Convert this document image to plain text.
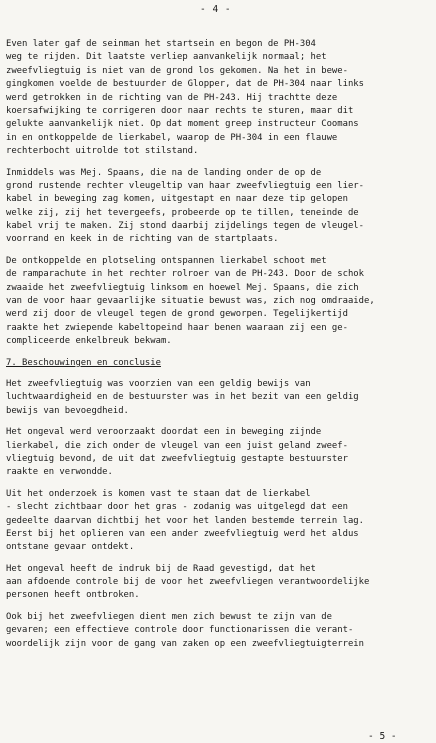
- 4 -
Even later gaf de seinman het startsein en begon de PH-304
weg te rijden. Dit laatste verliep aanvankelijk normaal; het
zweefvliegtuig is niet van de grond los gekomen. Na het in bewe-
gingkomen voelde de bestuurder de Glopper, dat de PH-304 naar links
werd getrokken in de richting van de PH-243. Hij trachtte deze
koersafwijking te corrigeren door naar rechts te sturen, maar dit
gelukte aanvankelijk niet. Op dat moment greep instructeur Coomans
in en ontkoppelde de lierkabel, waarop de PH-304 in een flauwe
rechterbocht uitrolde tot stilstand.
Inmiddels was Mej. Spaans, die na de landing onder de op de
grond rustende rechter vleugeltip van haar zweefvliegtuig een lier-
kabel in beweging zag komen, uitgestapt en naar deze tip gelopen
welke zij, zij het tevergeefs, probeerde op te tillen, teneinde de
kabel vrij te maken. Zij stond daarbij zijdelings tegen de vleugel-
voorrand en keek in de richting van de startplaats.
De ontkoppelde en plotseling ontspannen lierkabel schoot met
de ramparachute in het rechter rolroer van de PH-243. Door de schok
zwaaide het zweefvliegtuig linksom en hoewel Mej. Spaans, die zich
van de voor haar gevaarlijke situatie bewust was, zich nog omdraaide,
werd zij door de vleugel tegen de grond geworpen. Tegelijkertijd
raakte het zwiepende kabeltopeind haar benen waaraan zij een ge-
compliceerde enkelbreuk bekwam.
7. Beschouwingen en conclusie
Het zweefvliegtuig was voorzien van een geldig bewijs van
luchtwaardigheid en de bestuurster was in het bezit van een geldig
bewijs van bevoegdheid.
Het ongeval werd veroorzaakt doordat een in beweging zijnde
lierkabel, die zich onder de vleugel van een juist geland zweef-
vliegtuig bevond, de uit dat zweefvliegtuig gestapte bestuurster
raakte en verwondde.
Uit het onderzoek is komen vast te staan dat de lierkabel
- slecht zichtbaar door het gras - zodanig was uitgelegd dat een
gedeelte daarvan dichtbij het voor het landen bestemde terrein lag.
Eerst bij het oplieren van een ander zweefvliegtuig werd het aldus
ontstane gevaar ontdekt.
Het ongeval heeft de indruk bij de Raad gevestigd, dat het
aan afdoende controle bij de voor het zweefvliegen verantwoordelijke
personen heeft ontbroken.
Ook bij het zweefvliegen dient men zich bewust te zijn van de
gevaren; een effectieve controle door functionarissen die verant-
woordelijk zijn voor de gang van zaken op een zweefvliegtuigterrein
- 5 -
